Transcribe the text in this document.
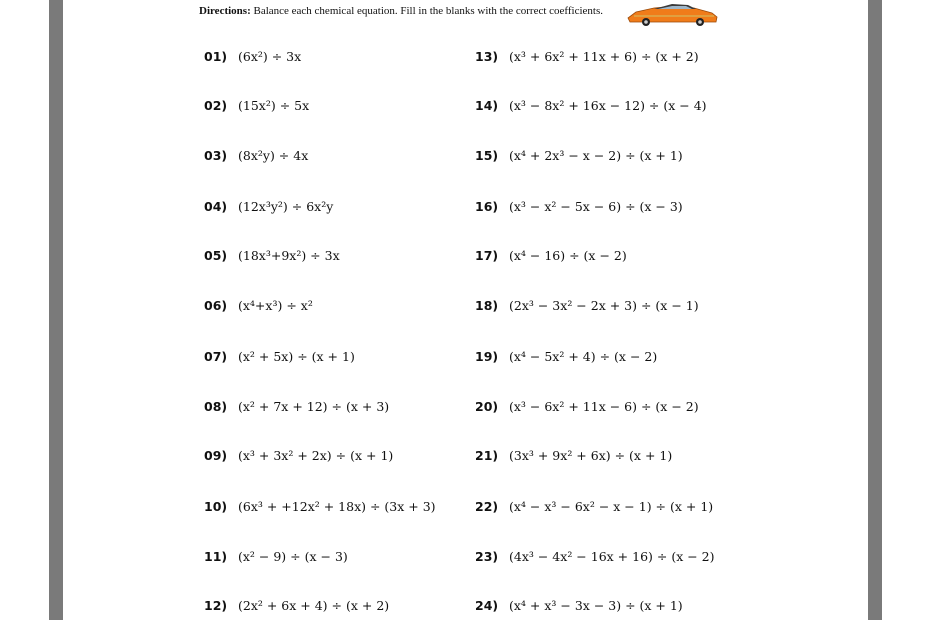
Directions: Balance each chemical equation. Fill in the blanks with the correct coefficients.
01) (6x²) ÷ 3x
02) (15x²) ÷ 5x
03) (8x²y) ÷ 4x
04) (12x³y²) ÷ 6x²y
05) (18x³+9x²) ÷ 3x
06) (x⁴+x³) ÷ x²
07) (x² + 5x) ÷ (x + 1)
08) (x² + 7x + 12) ÷ (x + 3)
09) (x³ + 3x² + 2x) ÷ (x + 1)
10) (6x³ + +12x² + 18x) ÷ (3x + 3)
11) (x² − 9) ÷ (x − 3)
12) (2x² + 6x + 4) ÷ (x + 2)
13) (x³ + 6x² + 11x + 6) ÷ (x + 2)
14) (x³ − 8x² + 16x − 12) ÷ (x − 4)
15) (x⁴ + 2x³ − x − 2) ÷ (x + 1)
16) (x³ − x² − 5x − 6) ÷ (x − 3)
17) (x⁴ − 16) ÷ (x − 2)
18) (2x³ − 3x² − 2x + 3) ÷ (x − 1)
19) (x⁴ − 5x² + 4) ÷ (x − 2)
20) (x³ − 6x² + 11x − 6) ÷ (x − 2)
21) (3x³ + 9x² + 6x) ÷ (x + 1)
22) (x⁴ − x³ − 6x² − x − 1) ÷ (x + 1)
23) (4x³ − 4x² − 16x + 16) ÷ (x − 2)
24) (x⁴ + x³ − 3x − 3) ÷ (x + 1)
